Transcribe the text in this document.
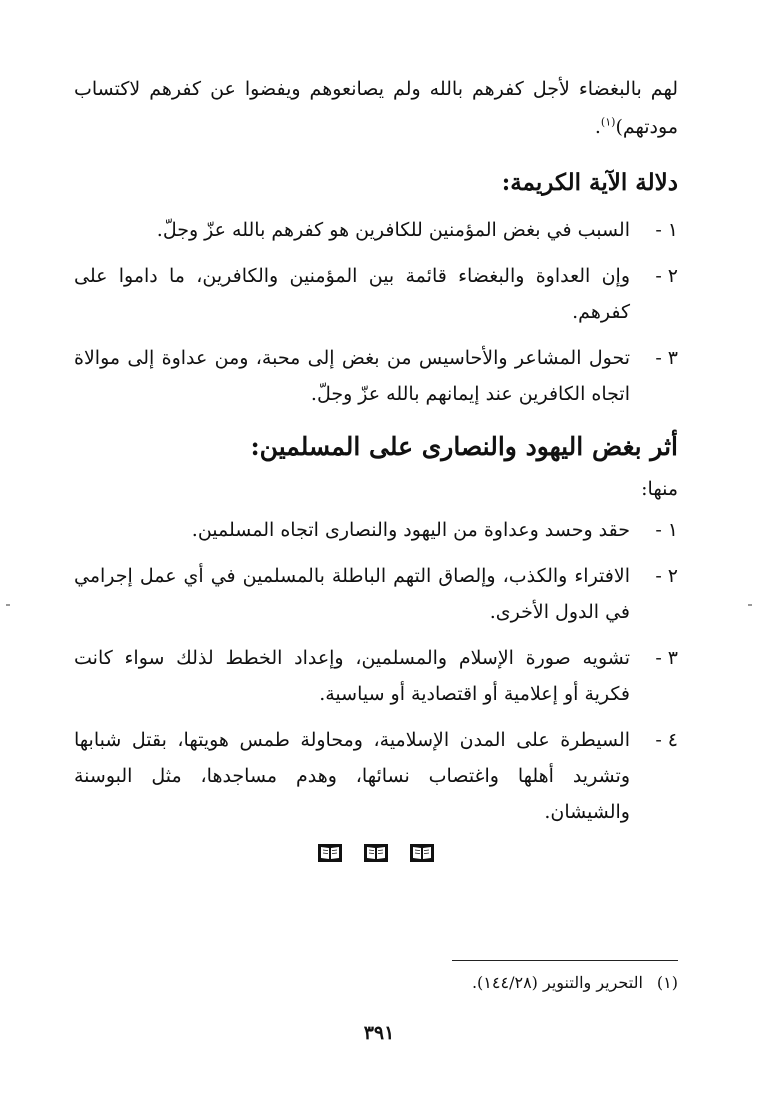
لهم بالبغضاء لأجل كفرهم بالله ولم يصانعوهم ويفضوا عن كفرهم لاكتساب مودتهم)$^{(١)}$.

دلالة الآية الكريمة:
١ -
السبب في بغض المؤمنين للكافرين هو كفرهم بالله عزّ وجلّ.
٢ -
وإن العداوة والبغضاء قائمة بين المؤمنين والكافرين، ما داموا على كفرهم.
٣ -
تحول المشاعر والأحاسيس من بغض إلى محبة، ومن عداوة إلى موالاة اتجاه الكافرين عند إيمانهم بالله عزّ وجلّ.
أثر بغض اليهود والنصارى على المسلمين:

منها:

١ -
حقد وحسد وعداوة من اليهود والنصارى اتجاه المسلمين.
٢ -
الافتراء والكذب، وإلصاق التهم الباطلة بالمسلمين في أي عمل إجرامي في الدول الأخرى.
٣ -
تشويه صورة الإسلام والمسلمين، وإعداد الخطط لذلك سواء كانت فكرية أو إعلامية أو اقتصادية أو سياسية.
٤ -
السيطرة على المدن الإسلامية، ومحاولة طمس هويتها، بقتل شبابها وتشريد أهلها واغتصاب نسائها، وهدم مساجدها، مثل البوسنة والشيشان.
(١)التحرير والتنوير (١٤٤/٢٨).
٣٩١
